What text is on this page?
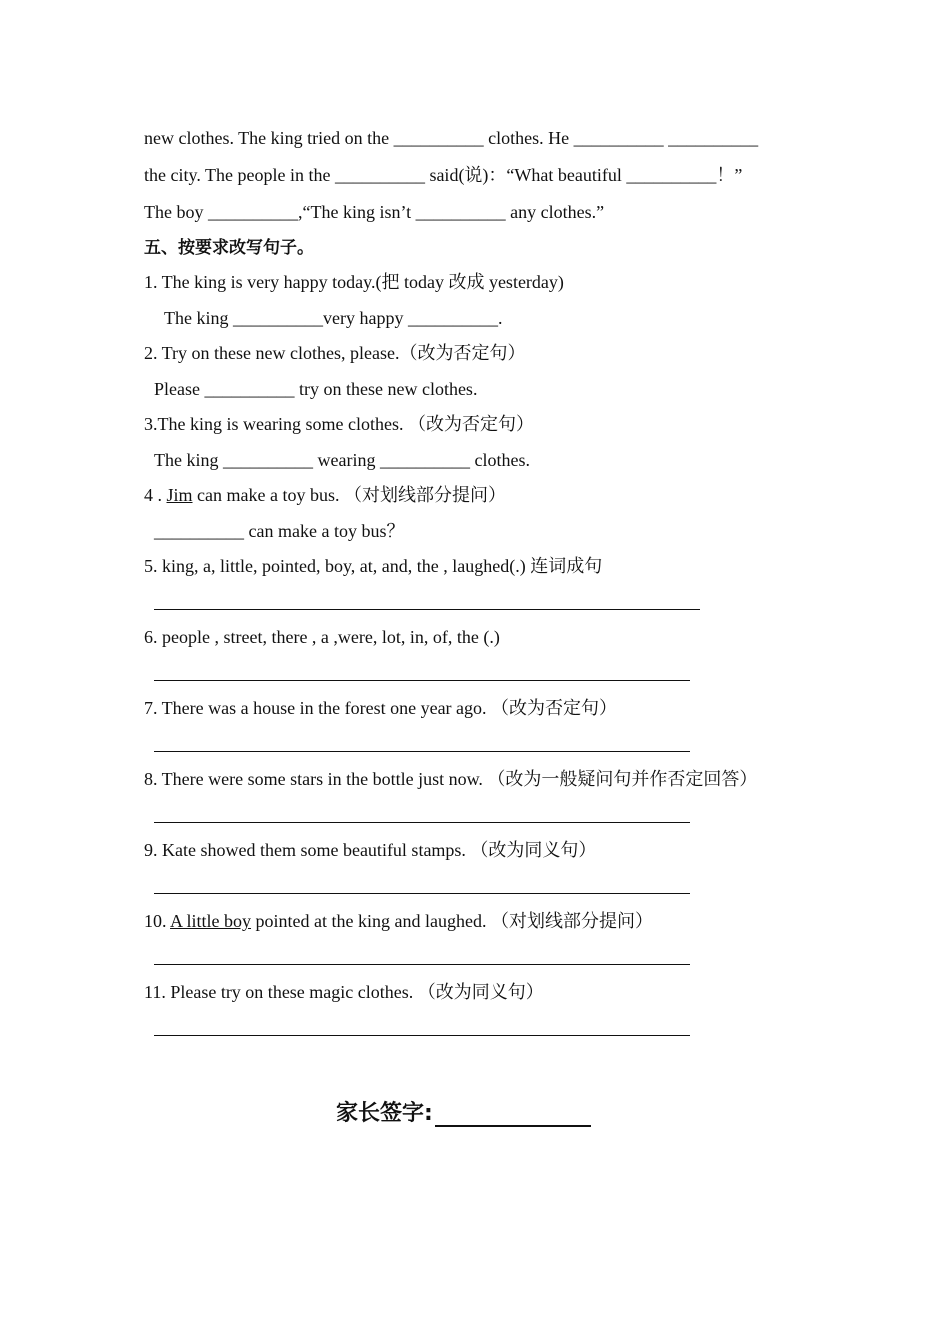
new clothes. The king tried on the __________ clothes. He __________ __________
the city. The people in the __________ said(说)：“What beautiful __________！”
The boy __________,“The king isn’t __________ any clothes.”
五、按要求改写句子。
1. The king is very happy today.(把 today 改成 yesterday)
The king __________very happy __________.
2. Try on these new clothes, please.（改为否定句）
Please __________ try on these new clothes.
3.The king is wearing some clothes. （改为否定句）
The king __________ wearing __________ clothes.
4 . Jim can make a toy bus. （对划线部分提问）
__________ can make a toy bus？
5. king, a, little, pointed, boy, at, and, the , laughed(.) 连词成句
6. people , street, there , a ,were, lot, in, of, the (.)
7. There was a house in the forest one year ago. （改为否定句）
8. There were some stars in the bottle just now. （改为一般疑问句并作否定回答）
9. Kate showed them some beautiful stamps. （改为同义句）
10. A little boy pointed at the king and laughed. （对划线部分提问）
11. Please try on these magic clothes. （改为同义句）
家长签字:
